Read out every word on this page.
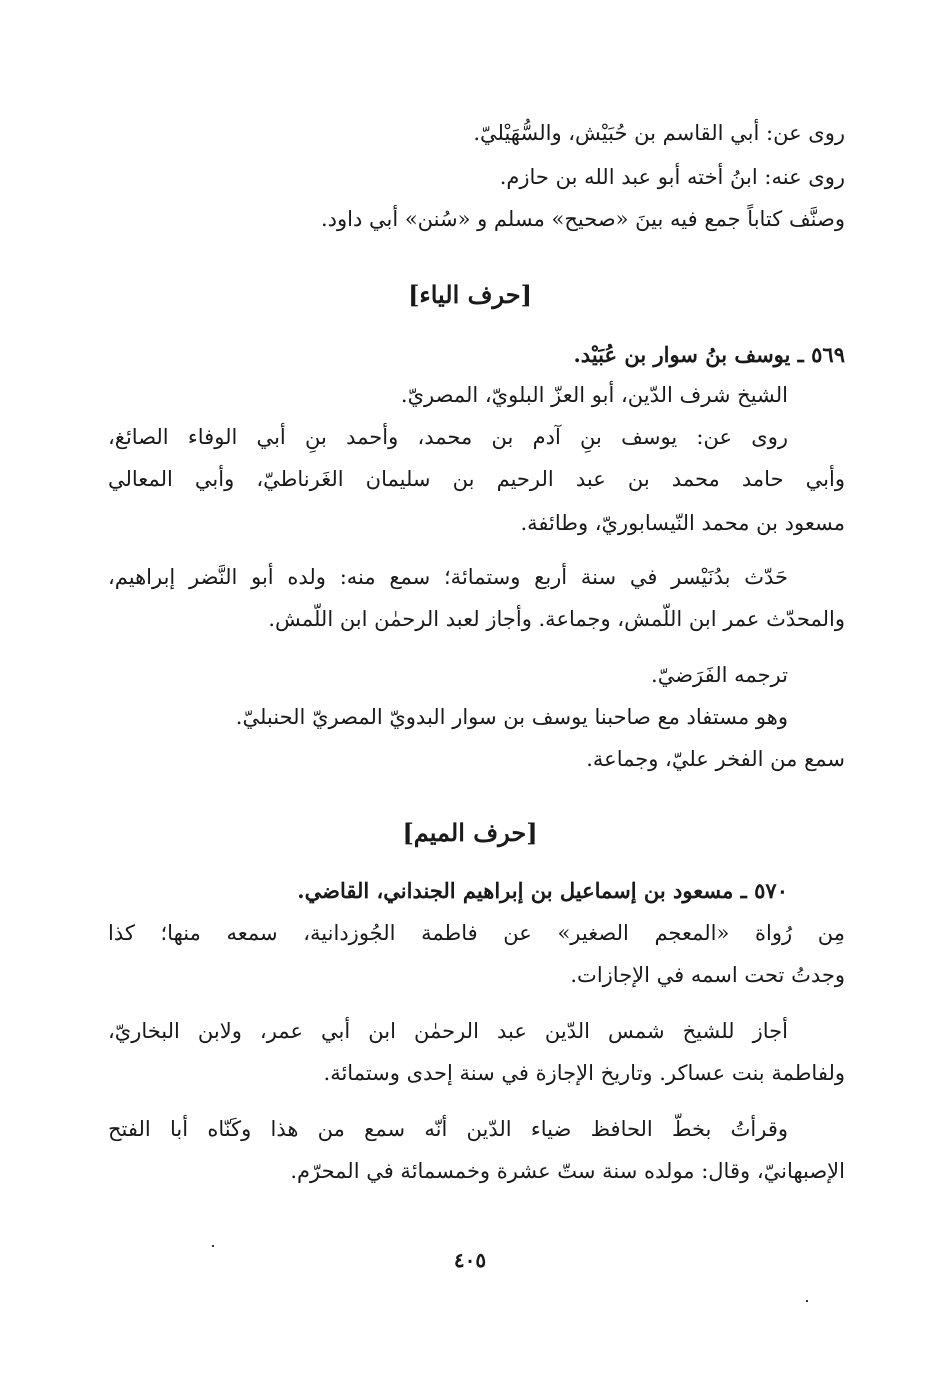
روى عن: أبي القاسم بن حُبَيْش، والسُّهَيْليّ.
روى عنه: ابنُ أخته أبو عبد الله بن حازم.
وصنَّف كتاباً جمع فيه بينَ «صحيح» مسلم و «سُنن» أبي داود.
[حرف الياء]
٥٦٩ ـ يوسف بنُ سوار بن عُبَيْد.
الشيخ شرف الدّين، أبو العزّ البلويّ، المصريّ.
روى عن: يوسف بنِ آدم بن محمد، وأحمد بنِ أبي الوفاء الصائغ،
وأبي حامد محمد بن عبد الرحيم بن سليمان الغَرناطيّ، وأبي المعالي
مسعود بن محمد النّيسابوريّ، وطائفة.
حَدّث بدُنَيْسر في سنة أربع وستمائة؛ سمع منه: ولده أبو النَّضر إبراهيم،
والمحدّث عمر ابن اللّمش، وجماعة. وأجاز لعبد الرحمٰن ابن اللّمش.
ترجمه الفَرَضيّ.
وهو مستفاد مع صاحبنا يوسف بن سوار البدويّ المصريّ الحنبليّ.
سمع من الفخر عليّ، وجماعة.
[حرف الميم]
٥٧٠ ـ مسعود بن إسماعيل بن إبراهيم الجنداني، القاضي.
مِن رُواة «المعجم الصغير» عن فاطمة الجُوزدانية، سمعه منها؛ كذا
وجدتُ تحت اسمه في الإجازات.
أجاز للشيخ شمس الدّين عبد الرحمٰن ابن أبي عمر، ولابن البخاريّ،
ولفاطمة بنت عساكر. وتاريخ الإجازة في سنة إحدى وستمائة.
وقرأتُ بخطّ الحافظ ضياء الدّين أنّه سمع من هذا وكَنّاه أبا الفتح
الإصبهانيّ، وقال: مولده سنة ستّ عشرة وخمسمائة في المحرّم.
٤٠٥
